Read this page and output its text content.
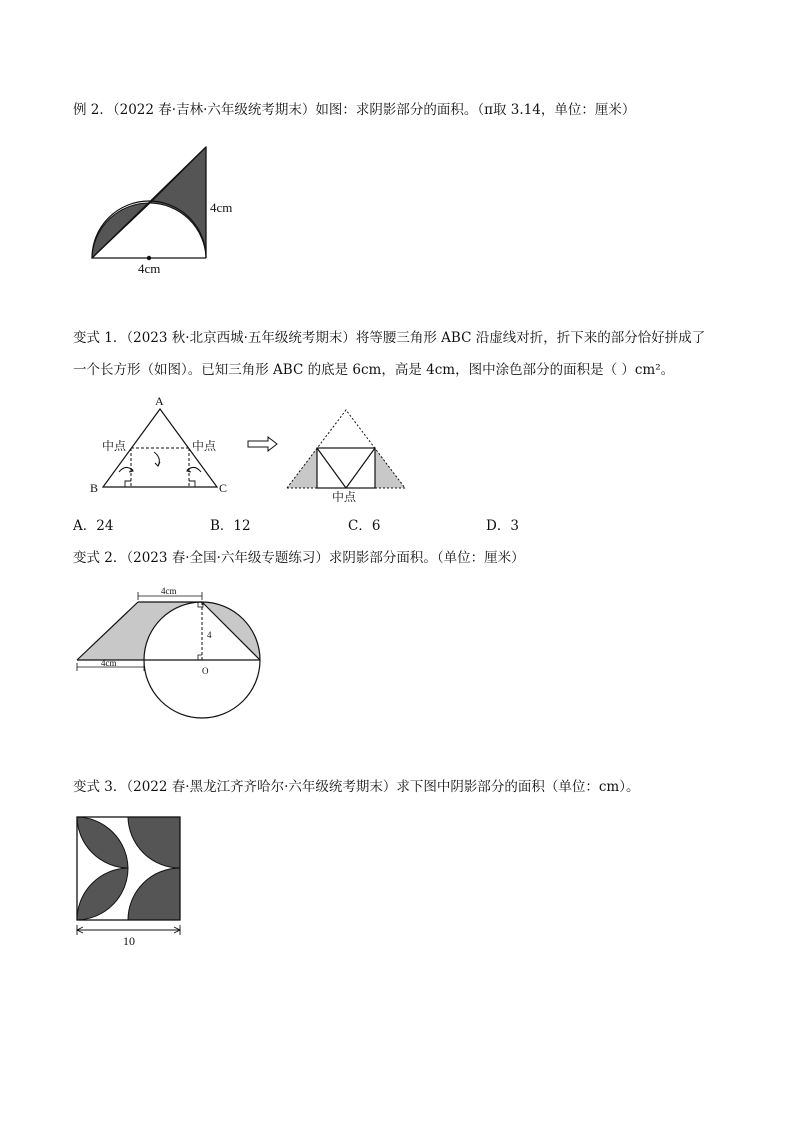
例 2．（2022 春·吉林·六年级统考期末）如图：求阴影部分的面积。（π取 3.14，单位：厘米）
4cm
4cm
变式 1．（2023 秋·北京西城·五年级统考期末）将等腰三角形 ABC 沿虚线对折，折下来的部分恰好拼成了
一个长方形（如图）。已知三角形 ABC 的底是 6cm，高是 4cm，图中涂色部分的面积是（ ）cm²。
A
B	C
中点	中点
中点
A．24	B．12	C．6	D．3
变式 2．（2023 春·全国·六年级专题练习）求阴影部分面积。（单位：厘米）
4cm
4cm
4
O
变式 3．（2022 春·黑龙江齐齐哈尔·六年级统考期末）求下图中阴影部分的面积（单位：cm）。
10
